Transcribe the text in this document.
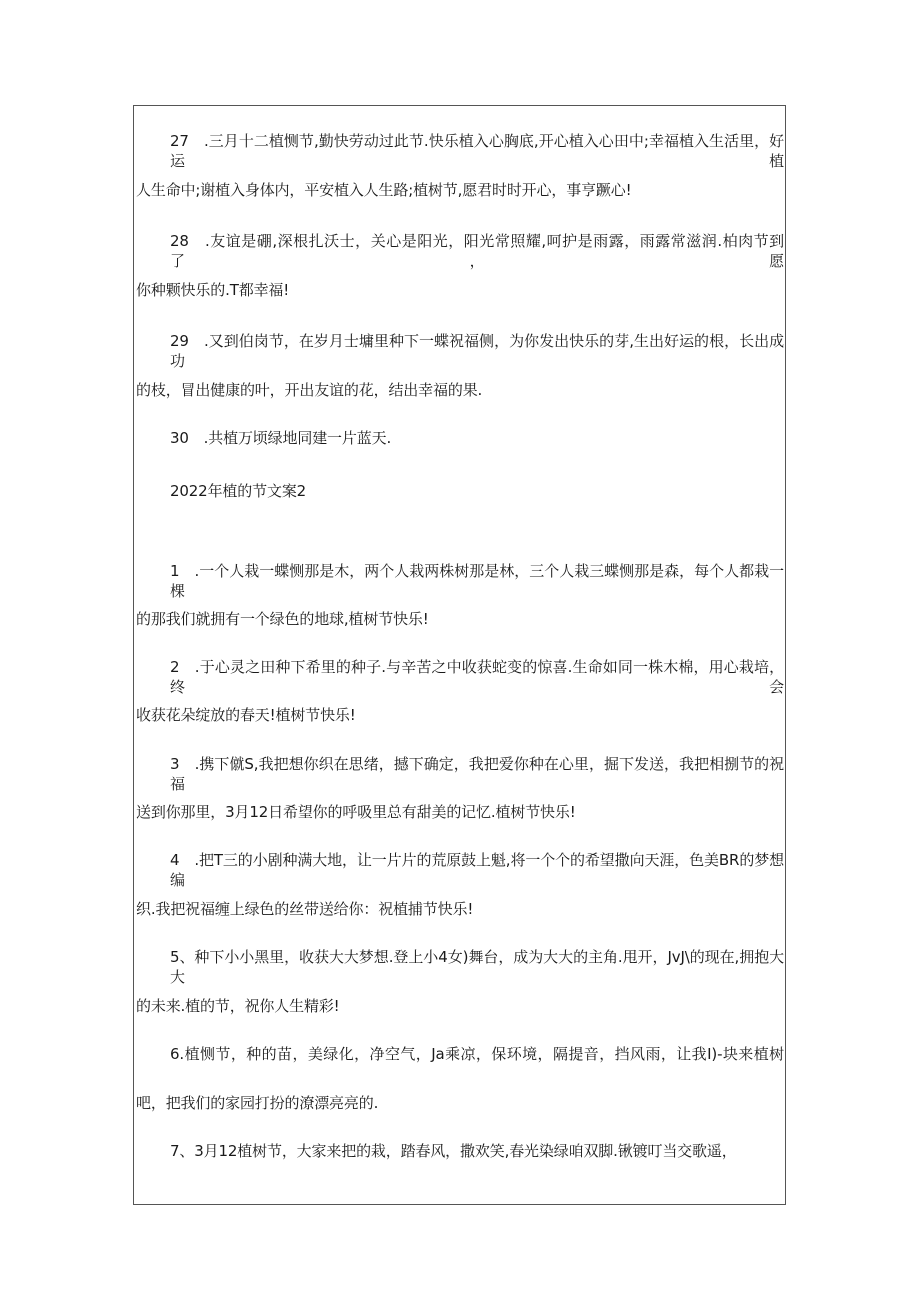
27　.三月十二植恻节,勤快劳动过此节.快乐植入心胸底,开心植入心田中;幸福植入生活里，好运植
人生命中;谢植入身体内，平安植入人生路;植树节,愿君时时开心，事亨蹶心!
28　.友谊是硼,深根扎沃士，关心是阳光，阳光常照耀,呵护是雨露，雨露常滋润.柏肉节到了，愿
你种颗快乐的.T都幸福!
29　.又到伯岗节，在岁月士墉里种下一蝶祝福侧，为你发出快乐的芽,生出好运的根，长出成功
的枝，冒出健康的叶，开出友谊的花，结出幸福的果.
30　.共植万顷绿地同建一片蓝天.
2022年植的节文案2
1　.一个人栽一蝶恻那是木，两个人栽两株树那是林，三个人栽三蝶恻那是森，每个人都栽一棵
的那我们就拥有一个绿色的地球,植树节快乐!
2　.于心灵之田种下希里的种子.与辛苦之中收获蛇变的惊喜.生命如同一株木棉，用心栽培，终会
收获花朵绽放的春天!植树节快乐!
3　.携下僦S,我把想你织在思绪，撼下确定，我把爱你种在心里，掘下发送，我把相捌节的祝福
送到你那里，3月12日希望你的呼吸里总有甜美的记忆.植树节快乐!
4　.把T三的小剧种满大地，让一片片的荒原鼓上魁,将一个个的希望撒向天涯，色美BR的梦想编
织.我把祝福缠上绿色的丝带送给你：祝植捕节快乐!
5、种下小小黑里，收获大大梦想.登上小4女)舞台，成为大大的主角.甩开，JvJ\的现在,拥抱大大
的未来.植的节，祝你人生精彩!
6.植恻节，种的苗，美绿化，净空气，Ja乘凉，保环境，隔提音，挡风雨，让我I)-块来植树
吧，把我们的家园打扮的潦漂亮亮的.
7、3月12植树节，大家来把的栽，踏春风，撒欢笑,春光染绿咱双脚.锹镀叮当交歌遥，
